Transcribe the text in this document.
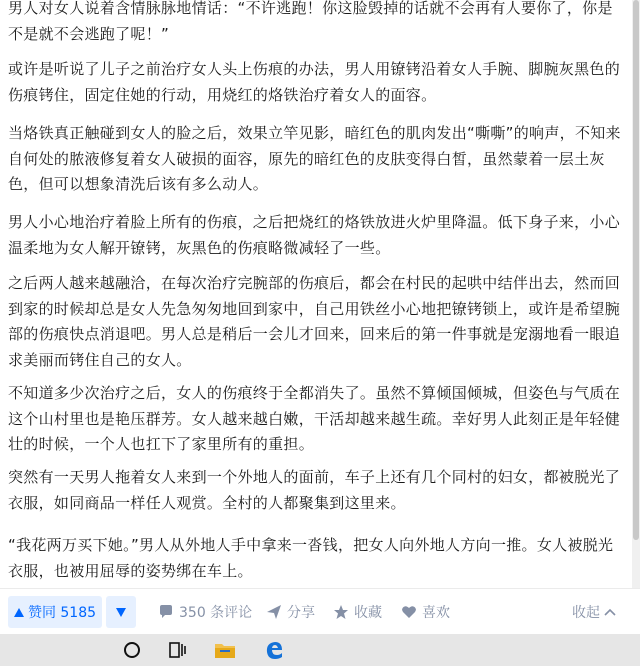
男人对女人说着含情脉脉地情话：“不许逃跑！你这脸毁掉的话就不会再有人要你了，你是不是就不会逃跑了呢！”

或许是听说了儿子之前治疗女人头上伤痕的办法，男人用镣铐沿着女人手腕、脚腕灰黑色的伤痕铐住，固定住她的行动，用烧红的烙铁治疗着女人的面容。

当烙铁真正触碰到女人的脸之后，效果立竿见影，暗红色的肌肉发出“嘶嘶”的响声，不知来自何处的脓液修复着女人破损的面容，原先的暗红色的皮肤变得白皙，虽然蒙着一层土灰色，但可以想象清洗后该有多么动人。

男人小心地治疗着脸上所有的伤痕，之后把烧红的烙铁放进火炉里降温。低下身子来，小心温柔地为女人解开镣铐，灰黑色的伤痕略微减轻了一些。

之后两人越来越融洽，在每次治疗完腕部的伤痕后，都会在村民的起哄中结伴出去，然而回到家的时候却总是女人先急匆匆地回到家中，自己用铁丝小心地把镣铐锁上，或许是希望腕部的伤痕快点消退吧。男人总是稍后一会儿才回来，回来后的第一件事就是宠溺地看一眼追求美丽而铐住自己的女人。

不知道多少次治疗之后，女人的伤痕终于全都消失了。虽然不算倾国倾城，但姿色与气质在这个山村里也是艳压群芳。女人越来越白嫩，干活却越来越生疏。幸好男人此刻正是年轻健壮的时候，一个人也扛下了家里所有的重担。

突然有一天男人拖着女人来到一个外地人的面前，车子上还有几个同村的妇女，都被脱光了衣服，如同商品一样任人观赏。全村的人都聚集到这里来。

“我花两万买下她。”男人从外地人手中拿来一沓钱，把女人向外地人方向一推。女人被脱光衣服，也被用屈辱的姿势绑在车上。

赞同 5185	350 条评论 分享	收藏	喜欢	收起
